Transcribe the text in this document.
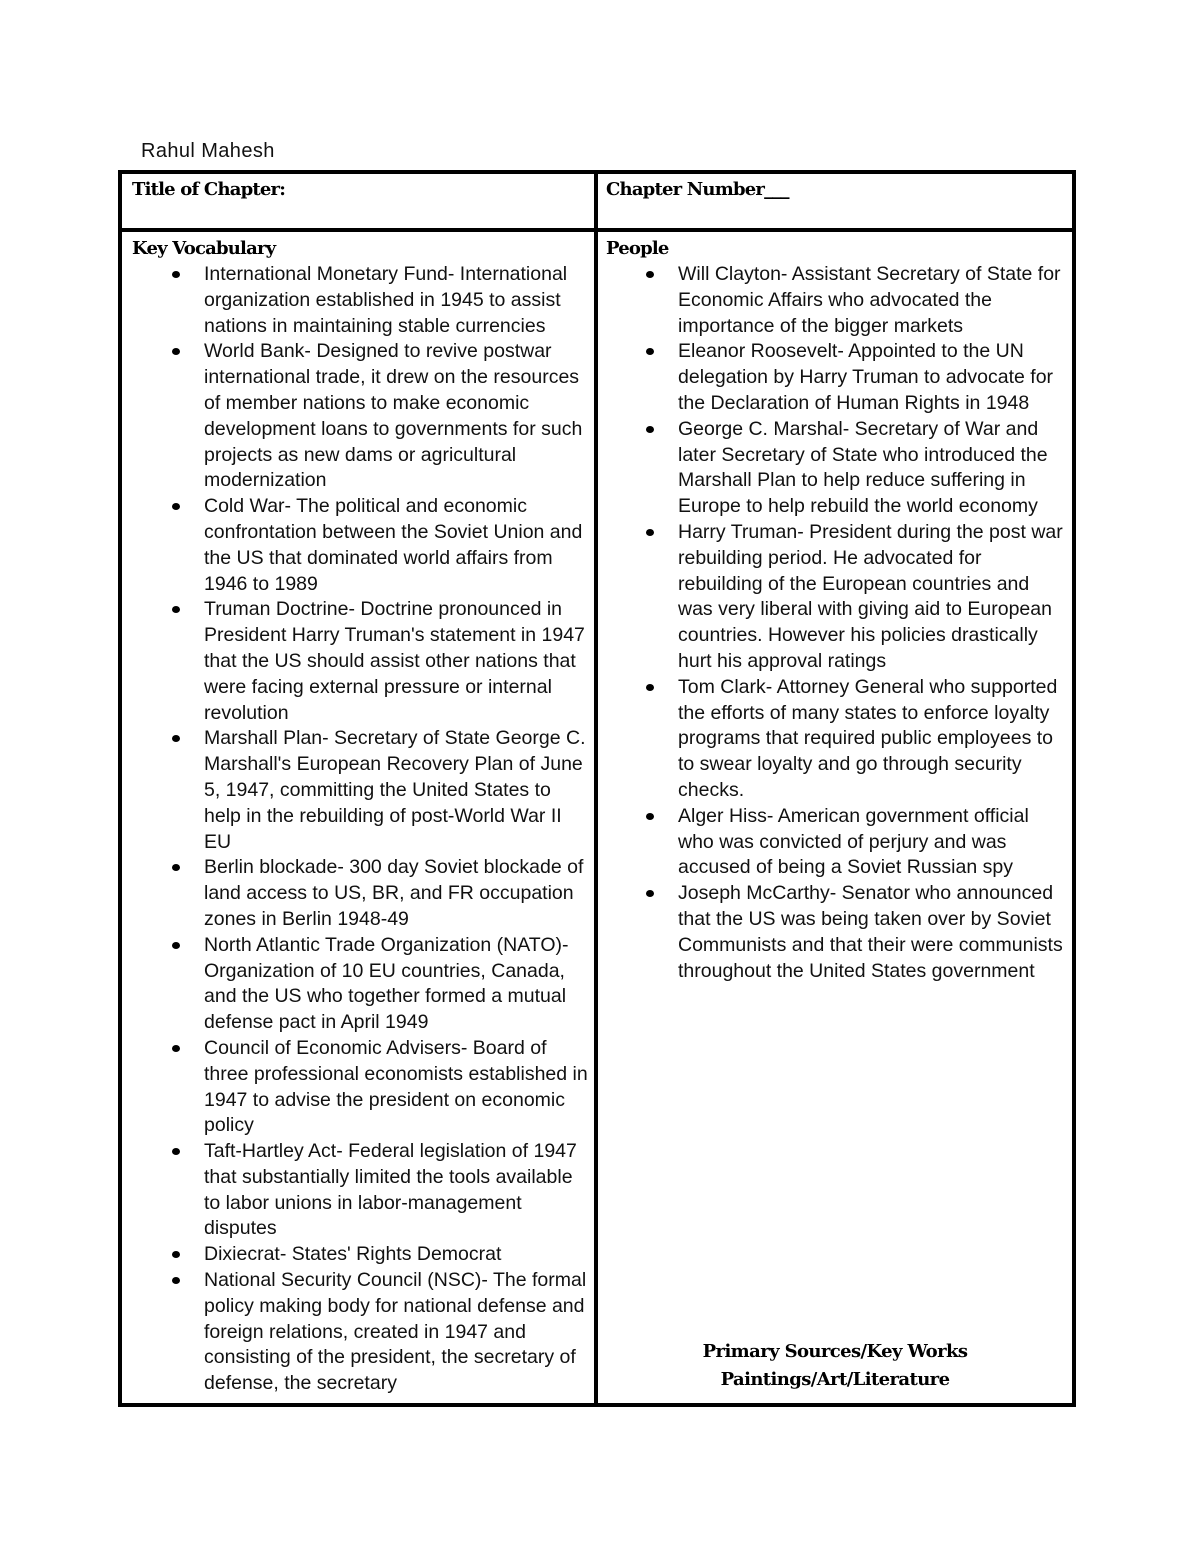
Rahul Mahesh
Title of Chapter:	Chapter Number___
Key Vocabulary
International Monetary Fund- International organization established in 1945 to assist nations in maintaining stable currencies
World Bank- Designed to revive postwar international trade, it drew on the resources of member nations to make economic development loans to governments for such projects as new dams or agricultural modernization
Cold War- The political and economic confrontation between the Soviet Union and the US that dominated world affairs from 1946 to 1989
Truman Doctrine- Doctrine pronounced in President Harry Truman's statement in 1947 that the US should assist other nations that were facing external pressure or internal revolution
Marshall Plan- Secretary of State George C. Marshall's European Recovery Plan of June 5, 1947, committing the United States to help in the rebuilding of post-World War II EU
Berlin blockade- 300 day Soviet blockade of land access to US, BR, and FR occupation zones in Berlin 1948-49
North Atlantic Trade Organization (NATO)- Organization of 10 EU countries, Canada, and the US who together formed a mutual defense pact in April 1949
Council of Economic Advisers- Board of three professional economists established in 1947 to advise the president on economic policy
Taft-Hartley Act- Federal legislation of 1947 that substantially limited the tools available to labor unions in labor-management disputes
Dixiecrat- States' Rights Democrat
National Security Council (NSC)- The formal policy making body for national defense and foreign relations, created in 1947 and consisting of the president, the secretary of defense, the secretary
People
Will Clayton- Assistant Secretary of State for Economic Affairs who advocated the importance of the bigger markets
Eleanor Roosevelt- Appointed to the UN delegation by Harry Truman to advocate for the Declaration of Human Rights in 1948
George C. Marshal- Secretary of War and later Secretary of State who introduced the Marshall Plan to help reduce suffering in Europe to help rebuild the world economy
Harry Truman- President during the post war rebuilding period. He advocated for rebuilding of the European countries and was very liberal with giving aid to European countries. However his policies drastically hurt his approval ratings
Tom Clark- Attorney General who supported the efforts of many states to enforce loyalty programs that required public employees to to swear loyalty and go through security checks.
Alger Hiss- American government official who was convicted of perjury and was accused of being a Soviet Russian spy
Joseph McCarthy- Senator who announced that the US was being taken over by Soviet Communists and that their were communists throughout the United States government
Primary Sources/Key Works
Paintings/Art/Literature
